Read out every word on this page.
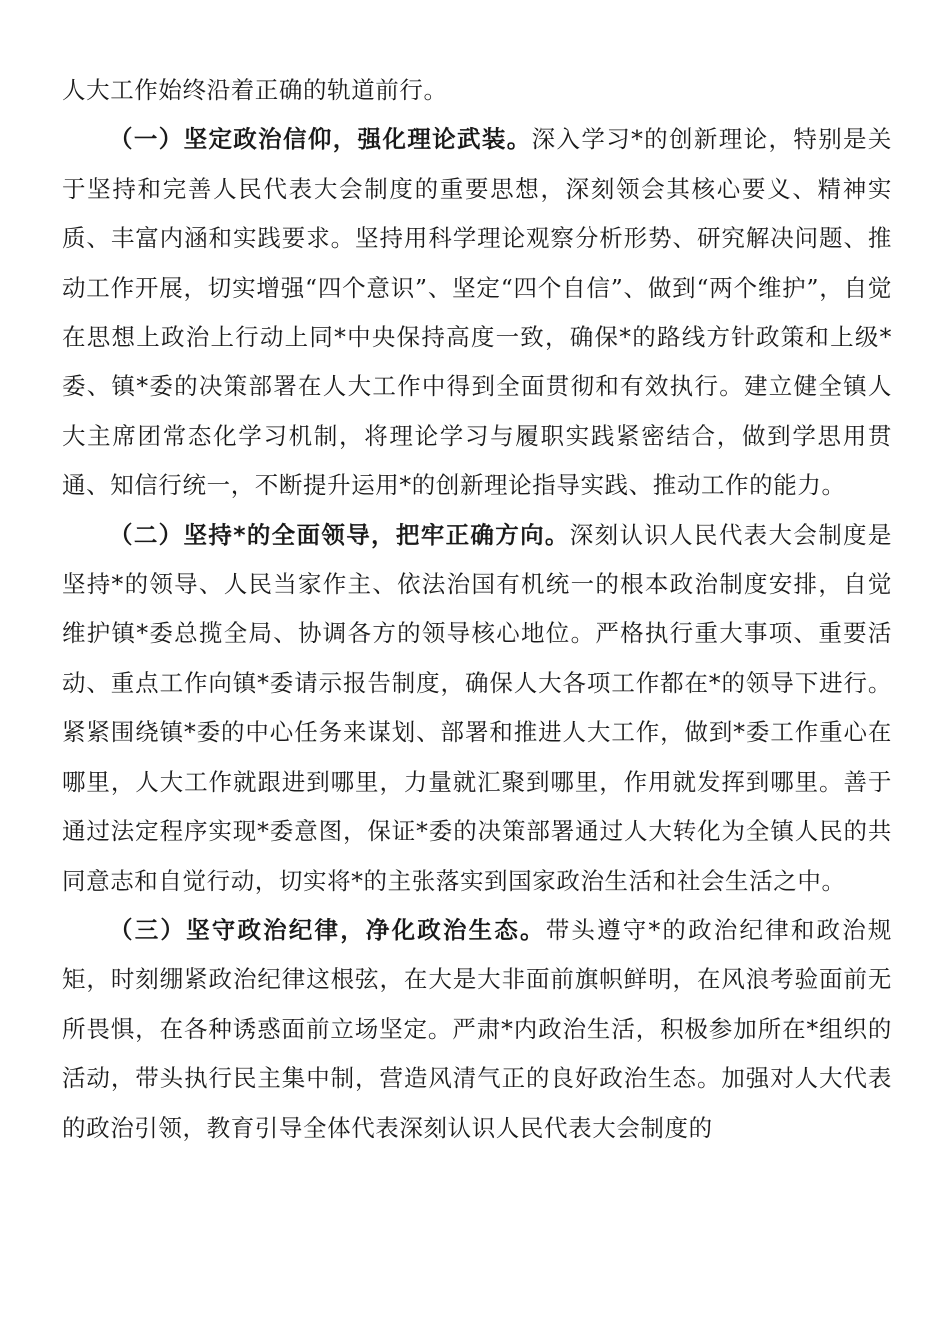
人大工作始终沿着正确的轨道前行。

（一）坚定政治信仰，强化理论武装。深入学习*的创新理论，特别是关于坚持和完善人民代表大会制度的重要思想，深刻领会其核心要义、精神实质、丰富内涵和实践要求。坚持用科学理论观察分析形势、研究解决问题、推动工作开展，切实增强“四个意识”、坚定“四个自信”、做到“两个维护”，自觉在思想上政治上行动上同*中央保持高度一致，确保*的路线方针政策和上级*委、镇*委的决策部署在人大工作中得到全面贯彻和有效执行。建立健全镇人大主席团常态化学习机制，将理论学习与履职实践紧密结合，做到学思用贯通、知信行统一，不断提升运用*的创新理论指导实践、推动工作的能力。

（二）坚持*的全面领导，把牢正确方向。深刻认识人民代表大会制度是坚持*的领导、人民当家作主、依法治国有机统一的根本政治制度安排，自觉维护镇*委总揽全局、协调各方的领导核心地位。严格执行重大事项、重要活动、重点工作向镇*委请示报告制度，确保人大各项工作都在*的领导下进行。紧紧围绕镇*委的中心任务来谋划、部署和推进人大工作，做到*委工作重心在哪里，人大工作就跟进到哪里，力量就汇聚到哪里，作用就发挥到哪里。善于通过法定程序实现*委意图，保证*委的决策部署通过人大转化为全镇人民的共同意志和自觉行动，切实将*的主张落实到国家政治生活和社会生活之中。

（三）坚守政治纪律，净化政治生态。带头遵守*的政治纪律和政治规矩，时刻绷紧政治纪律这根弦，在大是大非面前旗帜鲜明，在风浪考验面前无所畏惧，在各种诱惑面前立场坚定。严肃*内政治生活，积极参加所在*组织的活动，带头执行民主集中制，营造风清气正的良好政治生态。加强对人大代表的政治引领，教育引导全体代表深刻认识人民代表大会制度的
